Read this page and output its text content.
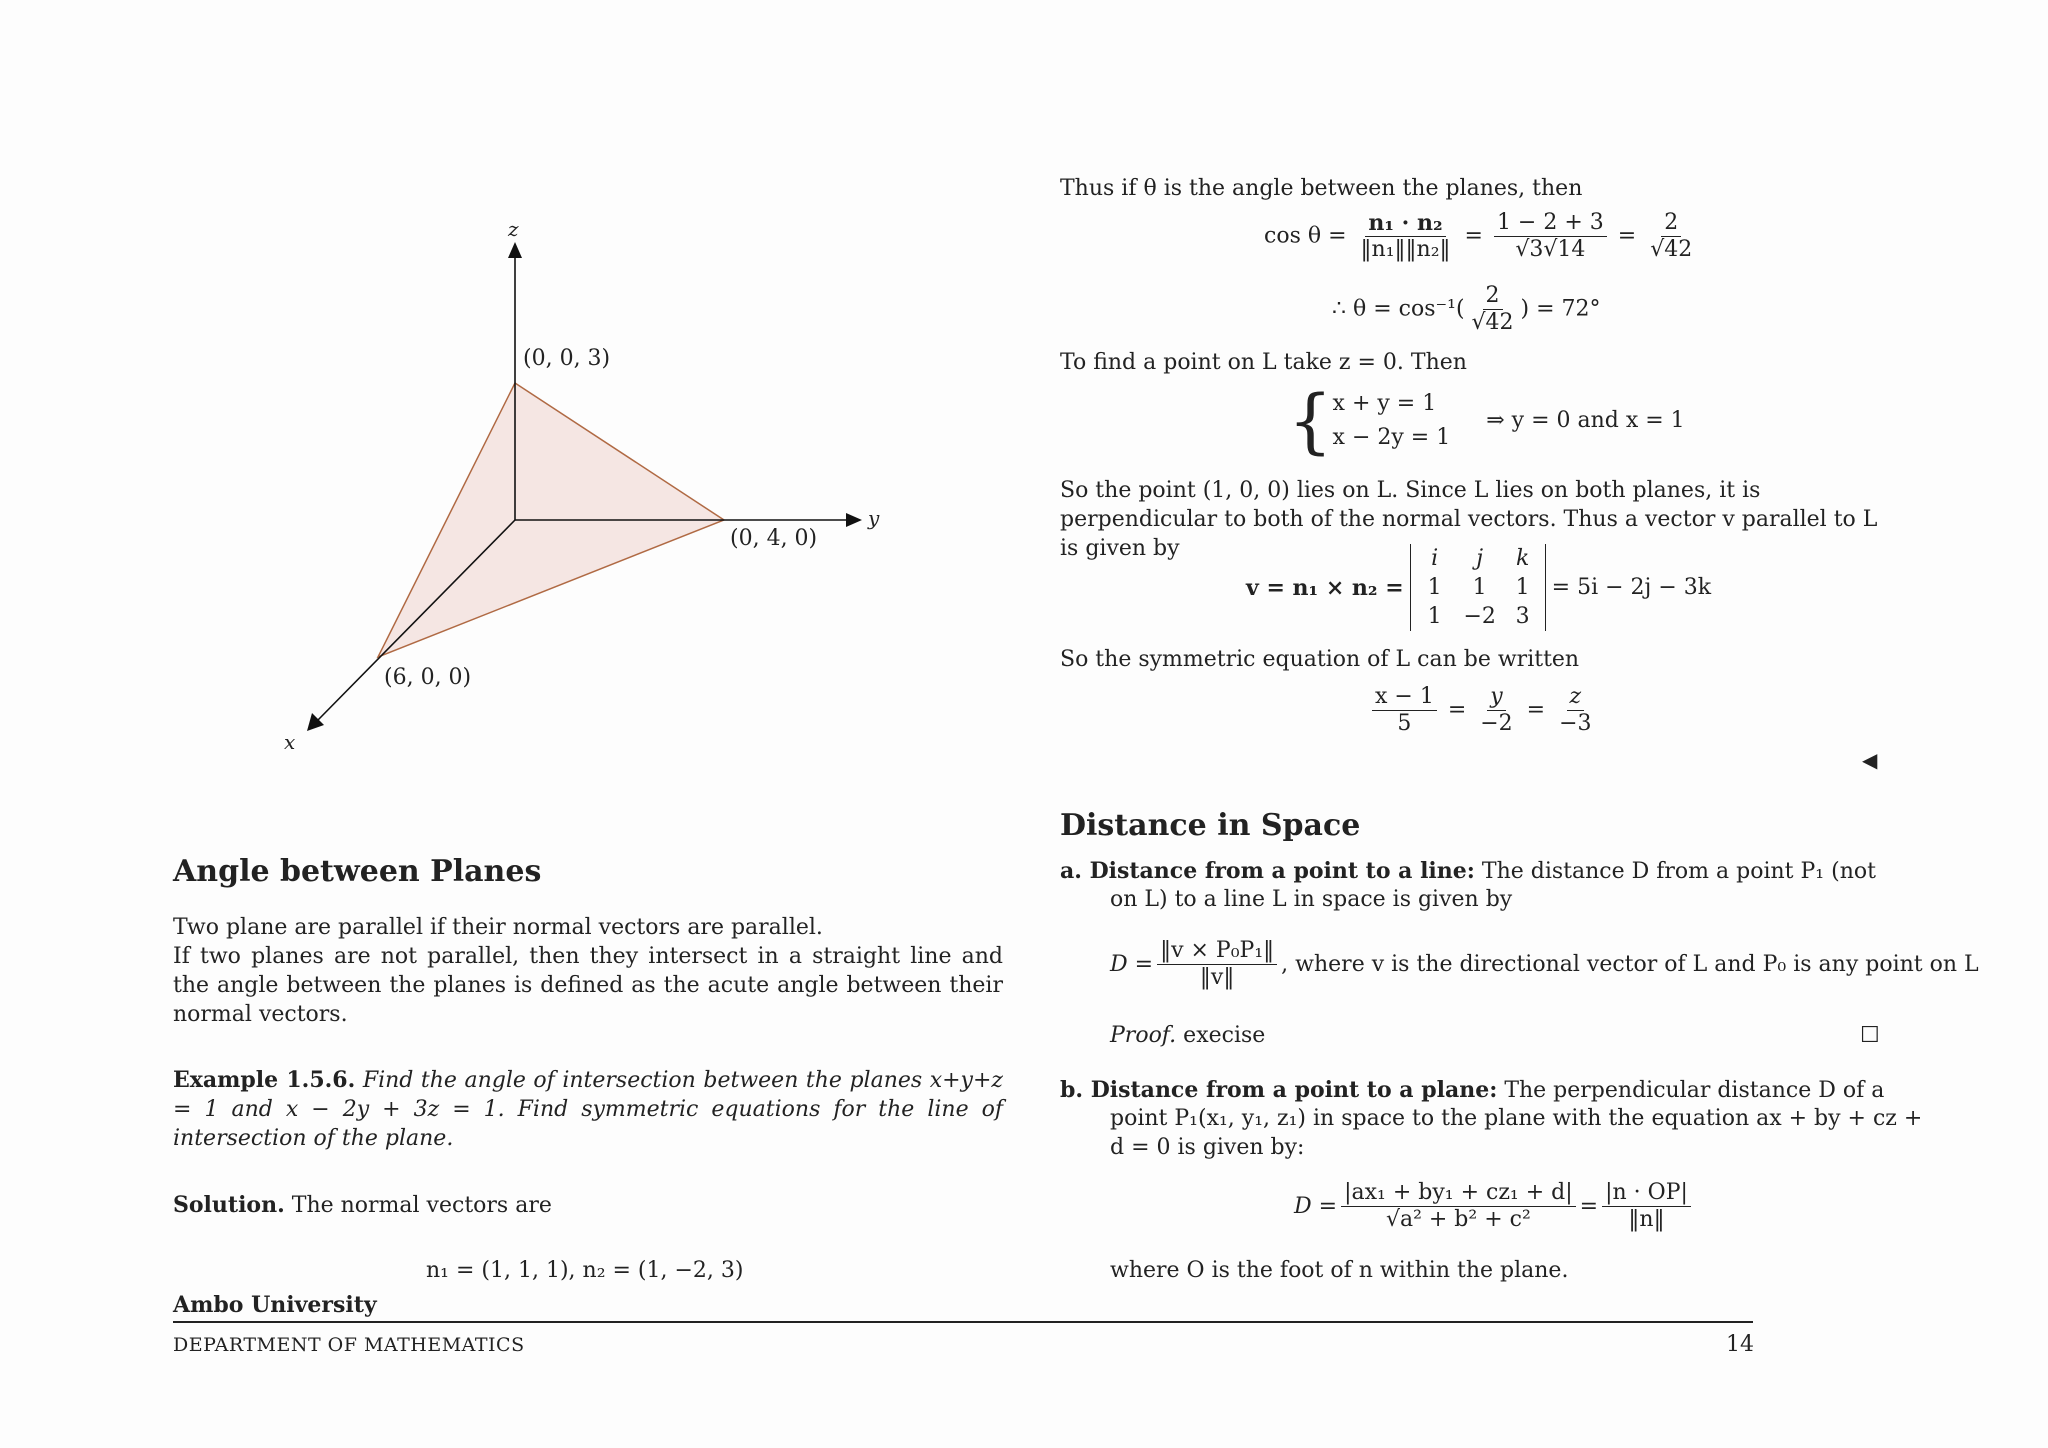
z
y
x
(0, 0, 3)
(0, 4, 0)
(6, 0, 0)
Angle between Planes
Two plane are parallel if their normal vectors are parallel.
If two planes are not parallel, then they intersect in a straight line and the angle between the planes is defined as the acute angle between their normal vectors.
Example 1.5.6. Find the angle of intersection between the planes x+y+z = 1 and x − 2y + 3z = 1. Find symmetric equations for the line of intersection of the plane.
Solution. The normal vectors are
n₁ = (1, 1, 1), n₂ = (1, −2, 3)
Thus if θ is the angle between the planes, then
$\cos \theta = \frac{\text{n₁ · n₂}}{\text{‖n₁‖‖n₂‖}} = \frac{1 - 2 + 3}{√3√14} = \frac{2}{√42}$
∴ $\theta = \cos^{-1}( \frac{2}{√42}$ ) = 72°
To find a point on L take z = 0. Then
{ x + y = 1
x − 2y = 1
⇒ y = 0 and x = 1
So the point (1, 0, 0) lies on L. Since L lies on both planes, it is perpendicular to both of the normal vectors. Thus a vector v parallel to L is given by
v = n₁ × n₂ =
i	j	k
1	1	1
1 −2 3
= 5i − 2j − 3k
So the symmetric equation of L can be written
$\frac{x - 1}{5} = \frac{y}{-2} = \frac{z}{-3}$
◀
Distance in Space
a. Distance from a point to a line: The distance D from a point P₁ (not
on L) to a line L in space is given by
$D = \frac{\text{‖v × P₀P₁‖}}{‖v‖}$ , where v is the directional vector of L and P₀ is any point on L
Proof. execise	☐
b. Distance from a point to a plane: The perpendicular distance D of a
point P₁(x₁, y₁, z₁) in space to the plane with the equation ax + by + cz +
d = 0 is given by:
$D = \frac{\text{|ax₁ + by₁ + cz₁ + d|}}{\text{√a² + b² + c²}} = \frac{|n \cdot OP|}{‖n‖}$
where O is the foot of n within the plane.
Ambo University
DEPARTMENT OF MATHEMATICS	14
